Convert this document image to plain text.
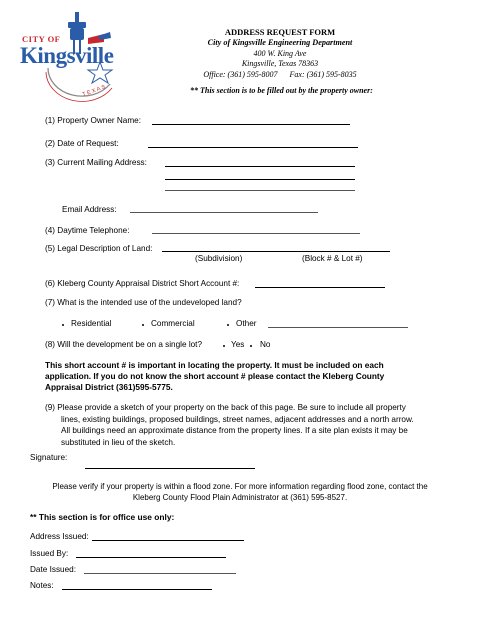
CITY OF
Kingsville
TEXAS
ADDRESS REQUEST FORM
City of Kingsville Engineering Department
400 W. King Ave
Kingsville, Texas 78363
Office: (361) 595-8007      Fax: (361) 595-8035
** This section is to be filled out by the property owner:
(1) Property Owner Name:
(2) Date of Request:
(3) Current Mailing Address:
Email Address:
(4) Daytime Telephone:
(5) Legal Description of Land:
(Subdivision)	(Block # & Lot #)
(6) Kleberg County Appraisal District Short Account #:
(7) What is the intended use of the undeveloped land?
Residential	Commercial	Other
(8) Will the development be on a single lot?	Yes No
This short account # is important in locating the property. It must be included on each
application. If you do not know the short account # please contact the Kleberg County
Appraisal District (361)595-5775.
(9) Please provide a sketch of your property on the back of this page. Be sure to include all property
lines, existing buildings, proposed buildings, street names, adjacent addresses and a north arrow.
All buildings need an approximate distance from the property lines. If a site plan exists it may be
substituted in lieu of the sketch.
Signature:
Please verify if your property is within a flood zone. For more information regarding flood zone, contact the
Kleberg County Flood Plain Administrator at (361) 595-8527.
** This section is for office use only:
Address Issued:
Issued By:
Date Issued:
Notes:
